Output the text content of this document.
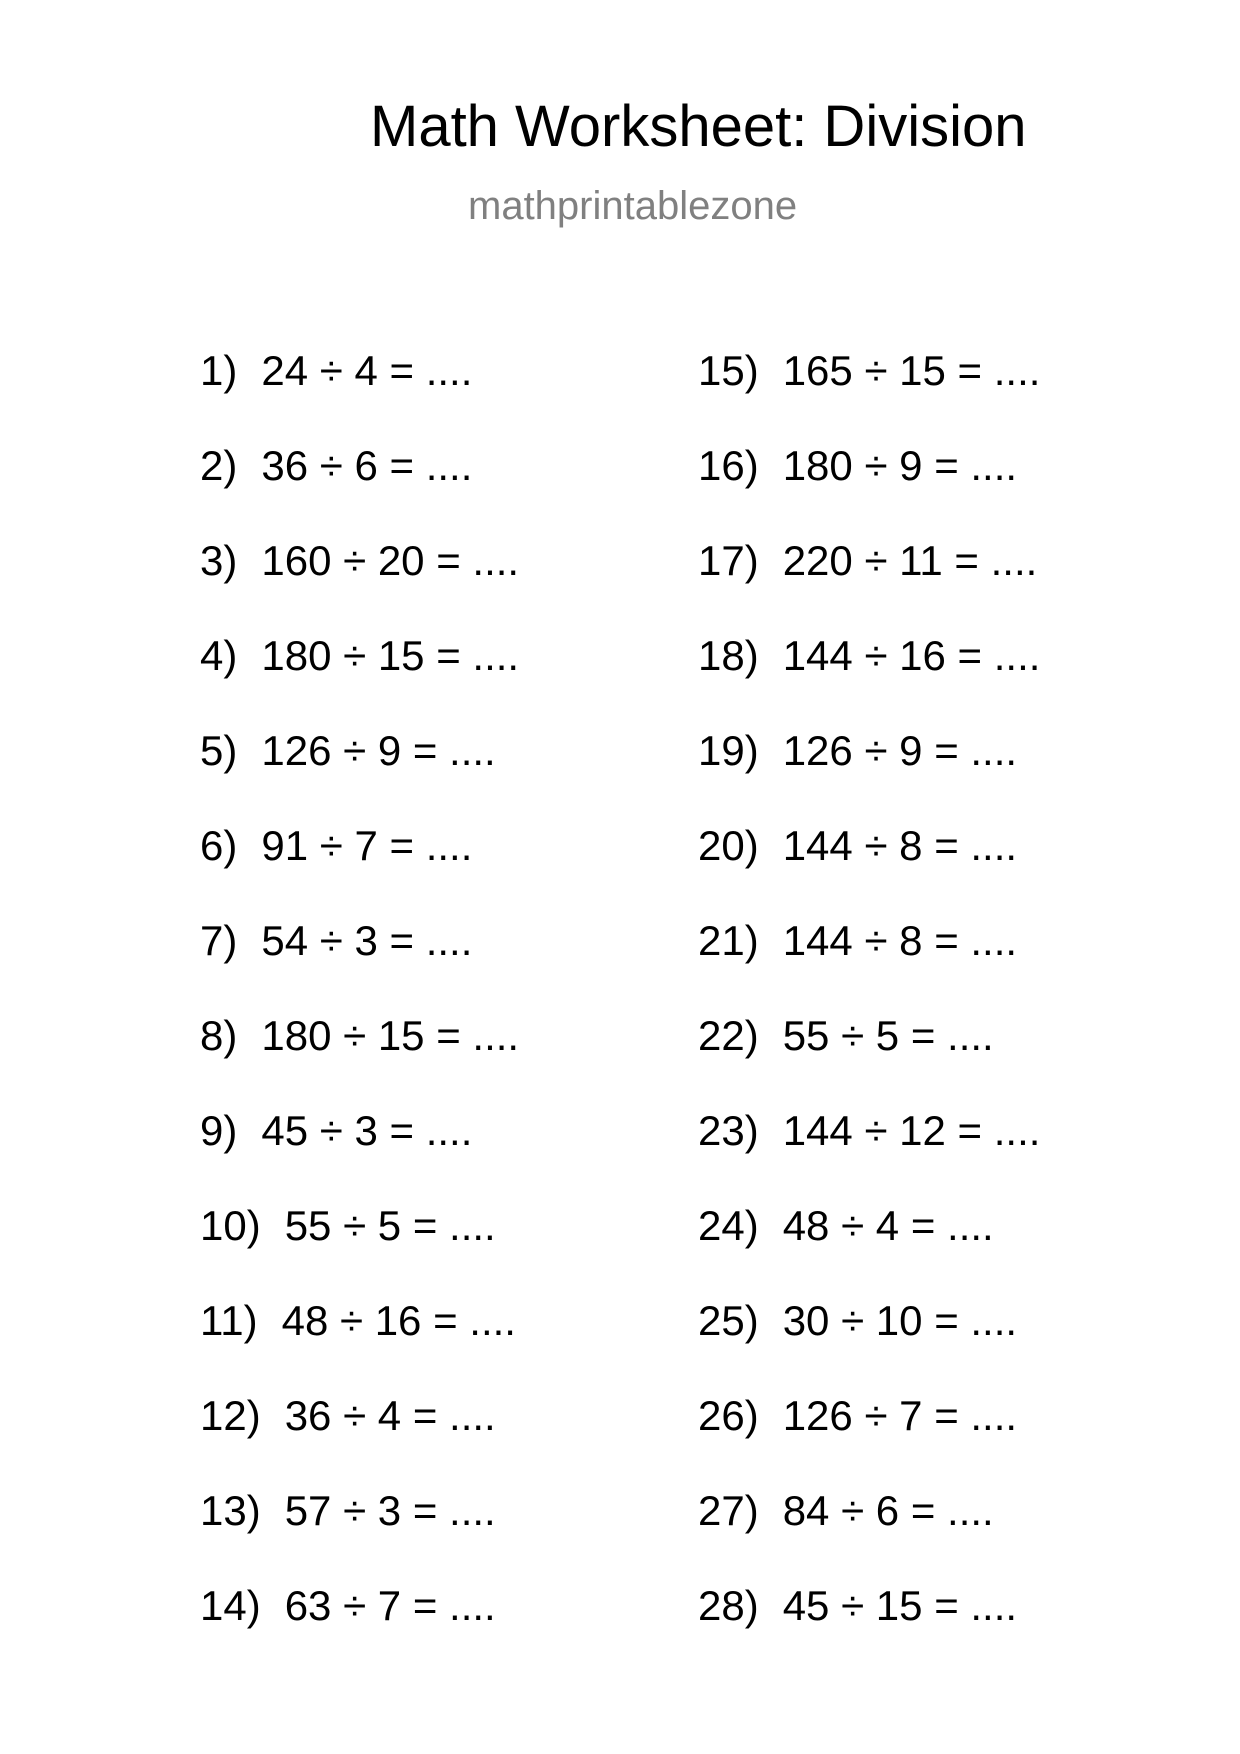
Math Worksheet: Division
mathprintablezone
1) 24 ÷ 4 = ....
2) 36 ÷ 6 = ....
3) 160 ÷ 20 = ....
4) 180 ÷ 15 = ....
5) 126 ÷ 9 = ....
6) 91 ÷ 7 = ....
7) 54 ÷ 3 = ....
8) 180 ÷ 15 = ....
9) 45 ÷ 3 = ....
10) 55 ÷ 5 = ....
11) 48 ÷ 16 = ....
12) 36 ÷ 4 = ....
13) 57 ÷ 3 = ....
14) 63 ÷ 7 = ....
15) 165 ÷ 15 = ....
16) 180 ÷ 9 = ....
17) 220 ÷ 11 = ....
18) 144 ÷ 16 = ....
19) 126 ÷ 9 = ....
20) 144 ÷ 8 = ....
21) 144 ÷ 8 = ....
22) 55 ÷ 5 = ....
23) 144 ÷ 12 = ....
24) 48 ÷ 4 = ....
25) 30 ÷ 10 = ....
26) 126 ÷ 7 = ....
27) 84 ÷ 6 = ....
28) 45 ÷ 15 = ....
